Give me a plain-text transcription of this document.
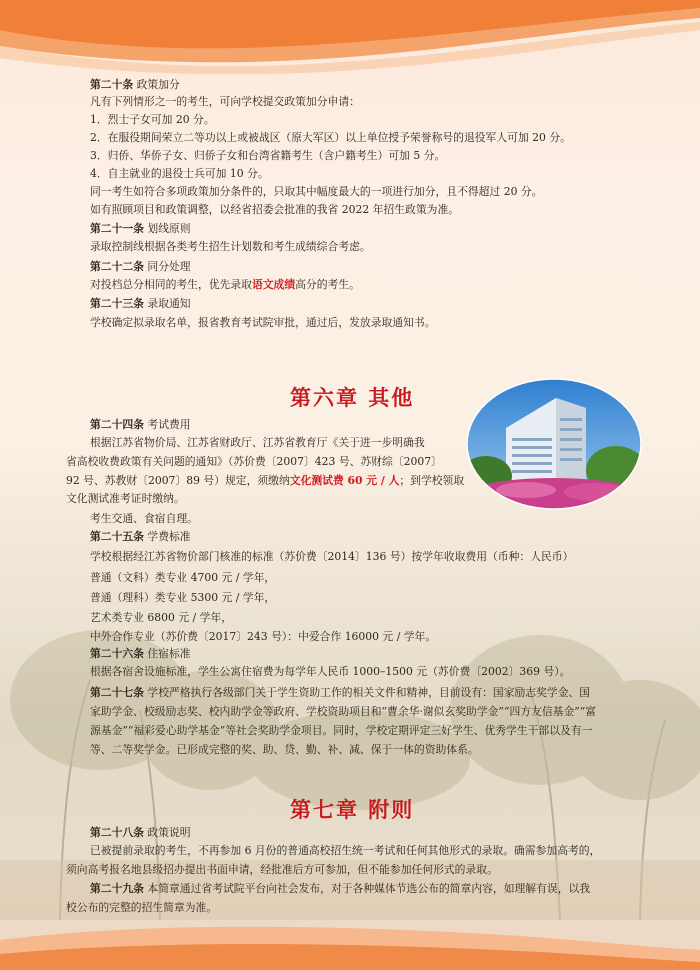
第二十条 政策加分
凡有下列情形之一的考生，可向学校提交政策加分申请：
1．烈士子女可加 20 分。
2．在服役期间荣立二等功以上或被战区（原大军区）以上单位授予荣誉称号的退役军人可加 20 分。
3．归侨、华侨子女、归侨子女和台湾省籍考生（含户籍考生）可加 5 分。
4．自主就业的退役士兵可加 10 分。
同一考生如符合多项政策加分条件的，只取其中幅度最大的一项进行加分，且不得超过 20 分。
如有照顾项目和政策调整，以经省招委会批准的我省 2022 年招生政策为准。
第二十一条 划线原则
录取控制线根据各类考生招生计划数和考生成绩综合考虑。
第二十二条 同分处理
对投档总分相同的考生，优先录取语文成绩高分的考生。
第二十三条 录取通知
学校确定拟录取名单，报省教育考试院审批，通过后，发放录取通知书。
第六章 其他
第二十四条 考试费用
根据江苏省物价局、江苏省财政厅、江苏省教育厅《关于进一步明确我
省高校收费政策有关问题的通知》（苏价费〔2007〕423 号、苏财综〔2007〕
92 号、苏教财〔2007〕89 号）规定，须缴纳文化测试费 60 元 / 人；到学校领取
文化测试准考证时缴纳。
考生交通、食宿自理。
第二十五条 学费标准
学校根据经江苏省物价部门核准的标准（苏价费〔2014〕136 号）按学年收取费用（币种：人民币）
普通（文科）类专业 4700 元 / 学年，
普通（理科）类专业 5300 元 / 学年，
艺术类专业 6800 元 / 学年，
中外合作专业（苏价费〔2017〕243 号）：中爱合作 16000 元 / 学年。
第二十六条 住宿标准
根据各宿舍设施标准，学生公寓住宿费为每学年人民币 1000–1500 元（苏价费〔2002〕369 号）。
第二十七条 学校严格执行各级部门关于学生资助工作的相关文件和精神，目前设有：国家励志奖学金、国
家助学金、校级励志奖、校内助学金等政府、学校资助项目和“曹余华·谢似玄奖助学金”“四方友信基金”“富
源基金”“福彩爱心助学基金”等社会奖助学金项目。同时，学校定期评定三好学生、优秀学生干部以及有一
等、二等奖学金。已形成完整的奖、助、贷、勤、补、减、保于一体的资助体系。
第七章 附则
第二十八条 政策说明
已被提前录取的考生，不再参加 6 月份的普通高校招生统一考试和任何其他形式的录取。确需参加高考的，
须向高考报名地县级招办提出书面申请，经批准后方可参加，但不能参加任何形式的录取。
第二十九条 本简章通过省考试院平台向社会发布，对于各种媒体节选公布的简章内容，如理解有误，以我
校公布的完整的招生简章为准。
